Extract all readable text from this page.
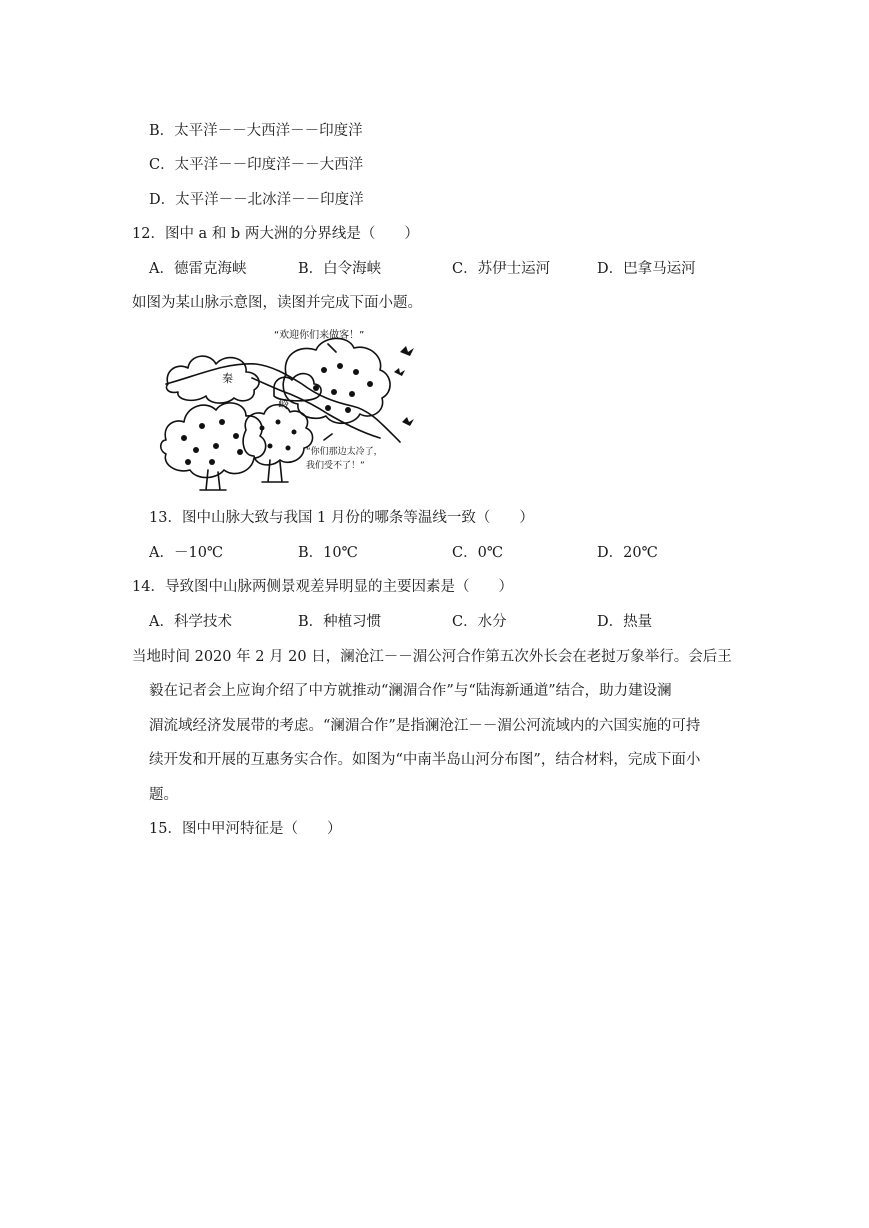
B．太平洋－－大西洋－－印度洋
C．太平洋－－印度洋－－大西洋
D．太平洋－－北冰洋－－印度洋
12．图中 a 和 b 两大洲的分界线是（　　）
A．德雷克海峡	B．白令海峡	C．苏伊士运河	D．巴拿马运河
如图为某山脉示意图，读图并完成下面小题。
“欢迎你们来做客！”
“你们那边太冷了，
我们受不了！”
秦
岭
13．图中山脉大致与我国 1 月份的哪条等温线一致（　　）
A．－10℃	B．10℃	C．0℃	D．20℃
14．导致图中山脉两侧景观差异明显的主要因素是（　　）
A．科学技术	B．种植习惯	C．水分	D．热量
当地时间 2020 年 2 月 20 日，澜沧江－－湄公河合作第五次外长会在老挝万象举行。会后王
毅在记者会上应询介绍了中方就推动“澜湄合作”与“陆海新通道”结合，助力建设澜
湄流域经济发展带的考虑。“澜湄合作”是指澜沧江－－湄公河流域内的六国实施的可持
续开发和开展的互惠务实合作。如图为“中南半岛山河分布图”，结合材料，完成下面小
题。
15．图中甲河特征是（　　）
